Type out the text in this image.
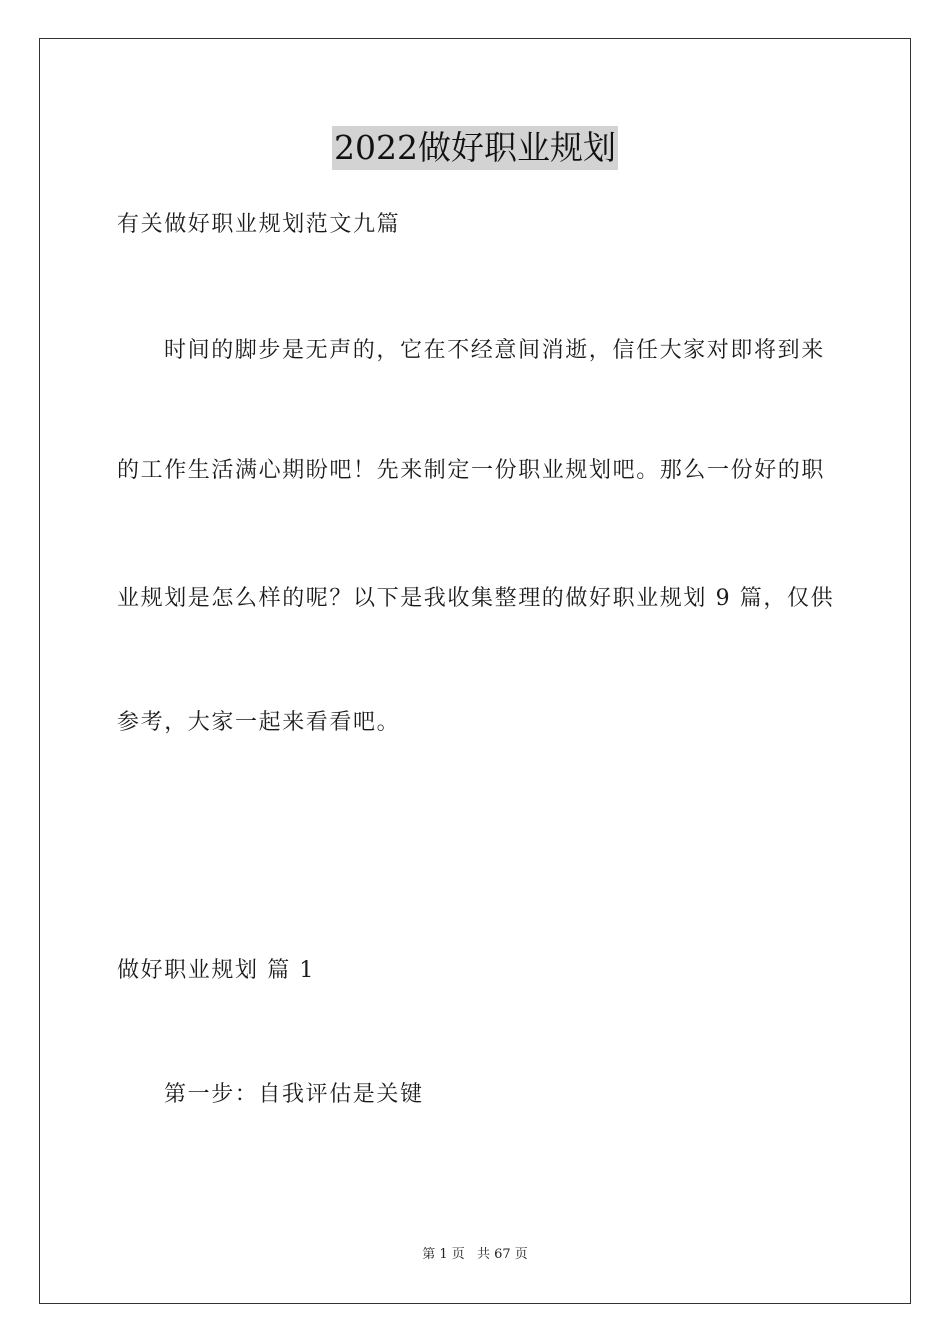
2022做好职业规划
有关做好职业规划范文九篇
时间的脚步是无声的，它在不经意间消逝，信任大家对即将到来
的工作生活满心期盼吧！先来制定一份职业规划吧。那么一份好的职
业规划是怎么样的呢？以下是我收集整理的做好职业规划 9 篇，仅供
参考，大家一起来看看吧。
做好职业规划 篇 1
第一步：自我评估是关键
第 1 页 共 67 页
